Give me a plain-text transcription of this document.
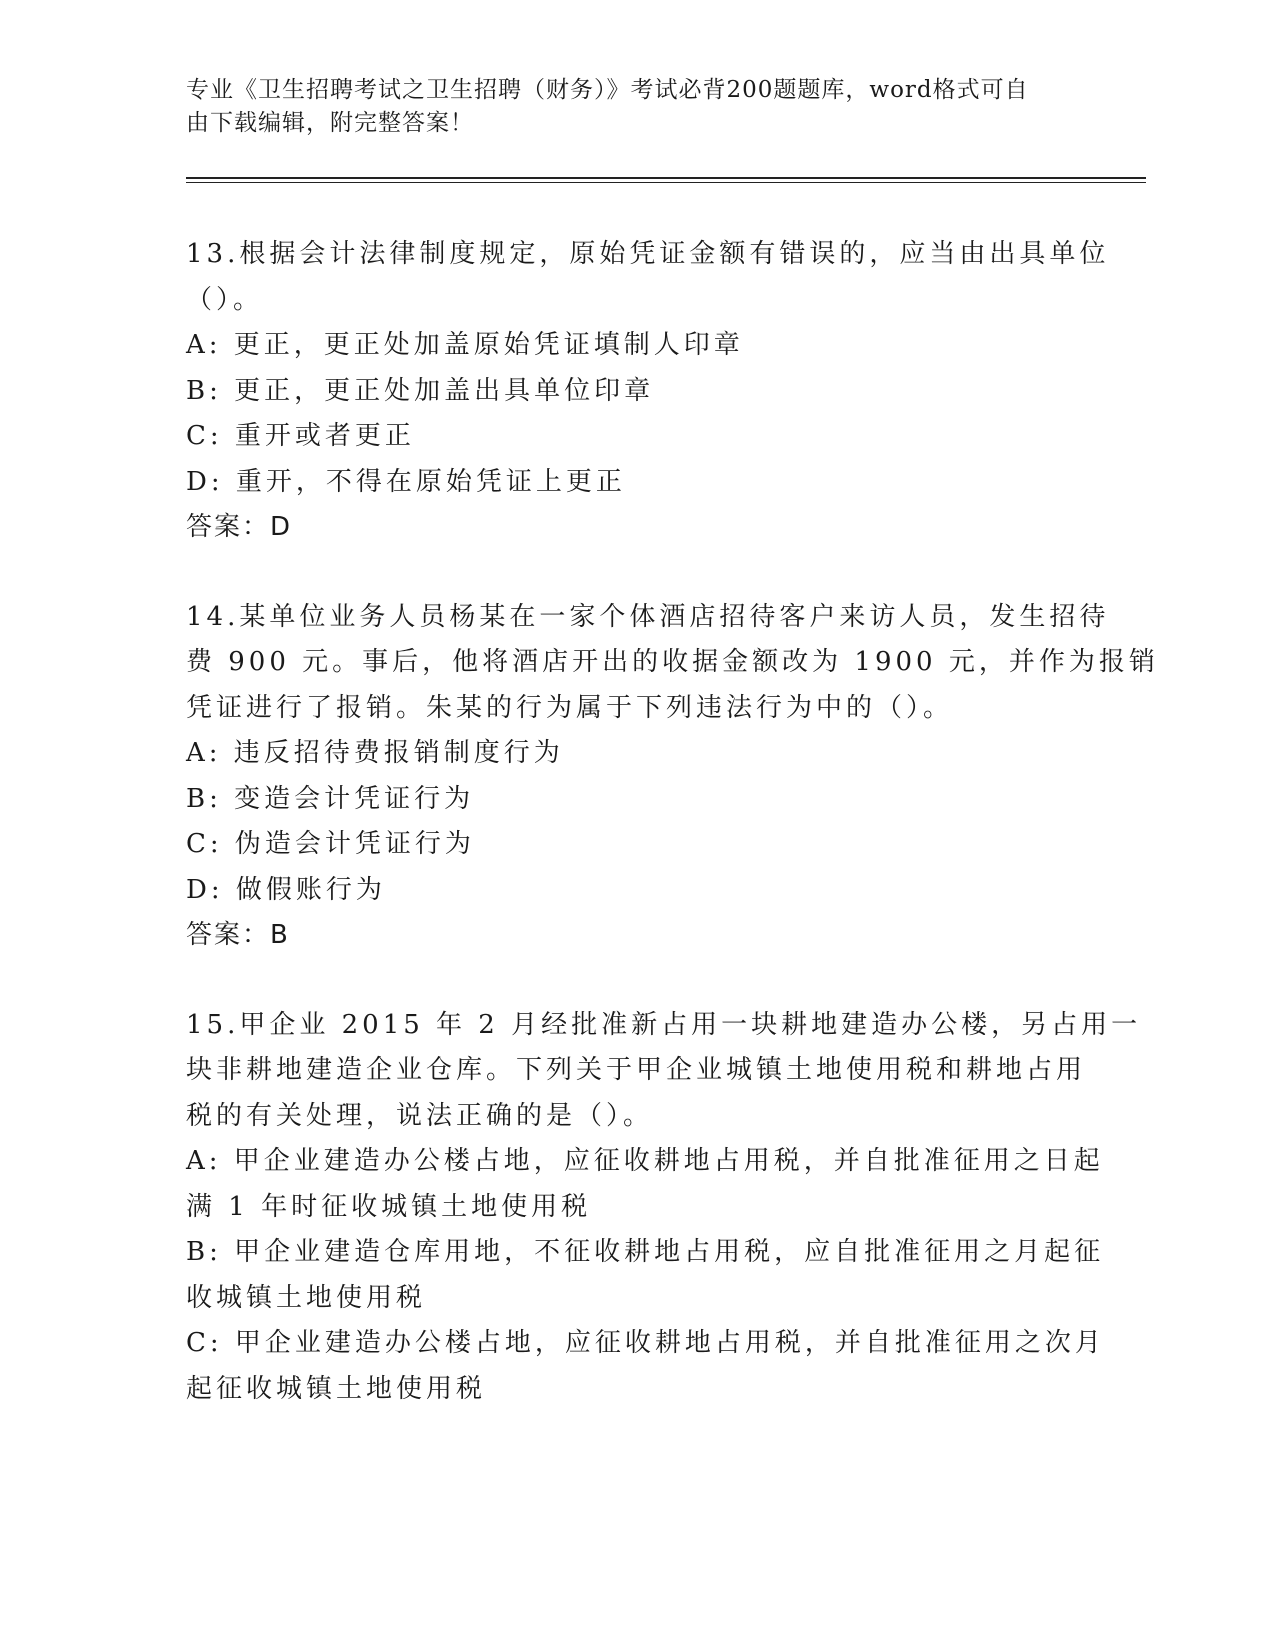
专业《卫生招聘考试之卫生招聘（财务）》考试必背200题题库，word格式可自
由下载编辑，附完整答案！
13.根据会计法律制度规定，原始凭证金额有错误的，应当由出具单位
（）。
A: 更正，更正处加盖原始凭证填制人印章
B: 更正，更正处加盖出具单位印章
C: 重开或者更正
D: 重开，不得在原始凭证上更正
答案：D
14.某单位业务人员杨某在一家个体酒店招待客户来访人员，发生招待
费 900 元。事后，他将酒店开出的收据金额改为 1900 元，并作为报销
凭证进行了报销。朱某的行为属于下列违法行为中的（）。
A: 违反招待费报销制度行为
B: 变造会计凭证行为
C: 伪造会计凭证行为
D: 做假账行为
答案：B
15.甲企业 2015 年 2 月经批准新占用一块耕地建造办公楼，另占用一
块非耕地建造企业仓库。下列关于甲企业城镇土地使用税和耕地占用
税的有关处理，说法正确的是（）。
A: 甲企业建造办公楼占地，应征收耕地占用税，并自批准征用之日起
满 1 年时征收城镇土地使用税
B: 甲企业建造仓库用地，不征收耕地占用税，应自批准征用之月起征
收城镇土地使用税
C: 甲企业建造办公楼占地，应征收耕地占用税，并自批准征用之次月
起征收城镇土地使用税
